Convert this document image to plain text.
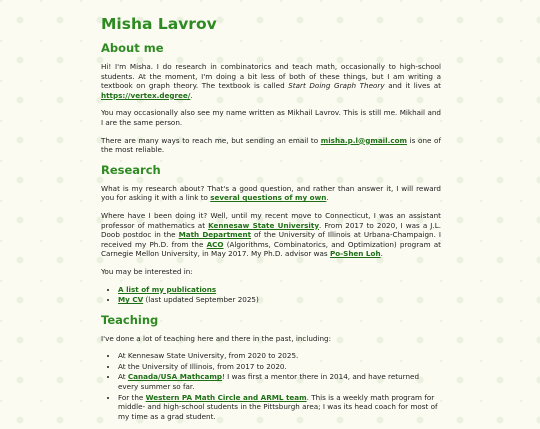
Misha Lavrov
About me

Hi! I'm Misha. I do research in combinatorics and teach math, occasionally to high-school students. At the moment, I'm doing a bit less of both of these things, but I am writing a textbook on graph theory. The textbook is called Start Doing Graph Theory and it lives at https://vertex.degree/.

You may occasionally also see my name written as Mikhail Lavrov. This is still me. Mikhail and I are the same person.

There are many ways to reach me, but sending an email to misha.p.l@gmail.com is one of the most reliable.

Research

What is my research about? That's a good question, and rather than answer it, I will reward you for asking it with a link to several questions of my own.

Where have I been doing it? Well, until my recent move to Connecticut, I was an assistant professor of mathematics at Kennesaw State University. From 2017 to 2020, I was a J.L. Doob postdoc in the Math Department of the University of Illinois at Urbana-Champaign. I received my Ph.D. from the ACO (Algorithms, Combinatorics, and Optimization) program at Carnegie Mellon University, in May 2017. My Ph.D. advisor was Po-Shen Loh.

You may be interested in:

• A list of my publications
• My CV (last updated September 2025)
Teaching

I've done a lot of teaching here and there in the past, including:

• At Kennesaw State University, from 2020 to 2025.
• At the University of Illinois, from 2017 to 2020.
• At Canada/USA Mathcamp! I was first a mentor there in 2014, and have returned every summer so far.
• For the Western PA Math Circle and ARML team. This is a weekly math program for middle- and high-school students in the Pittsburgh area; I was its head coach for most of my time as a grad student.
